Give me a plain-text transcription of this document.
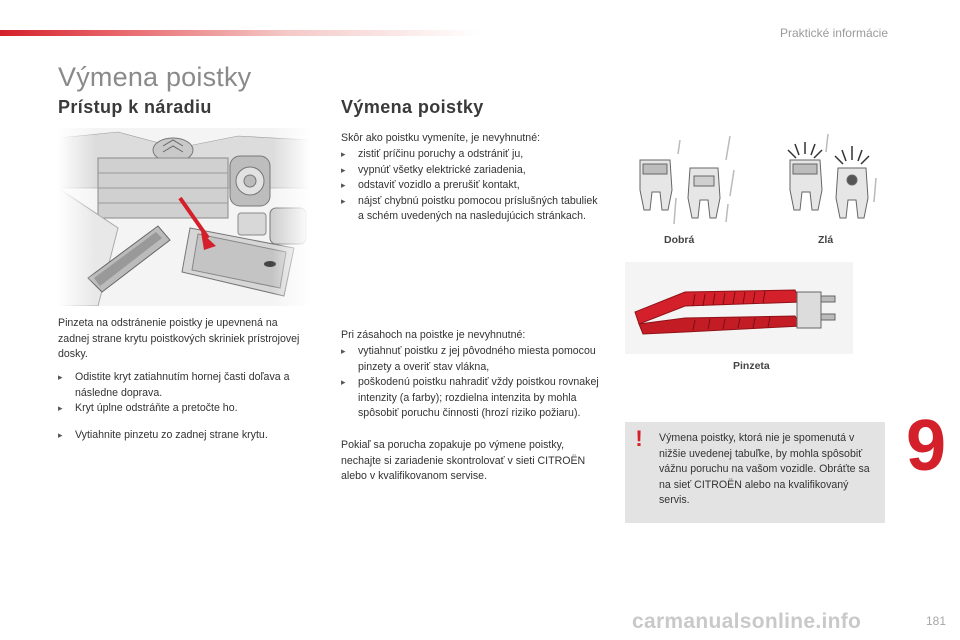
Praktické informácie
Výmena poistky
Prístup k náradiu
Pinzeta na odstránenie poistky je upevnená na zadnej strane krytu poistkových skriniek prístrojovej dosky.
▸ Odistite kryt zatiahnutím hornej časti doľava a následne doprava.
▸ Kryt úplne odstráňte a pretočte ho.
▸ Vytiahnite pinzetu zo zadnej strane krytu.
Výmena poistky
Skôr ako poistku vymeníte, je nevyhnutné:
▸ zistiť príčinu poruchy a odstrániť ju,
▸ vypnúť všetky elektrické zariadenia,
▸ odstaviť vozidlo a prerušiť kontakt,
▸ nájsť chybnú poistku pomocou príslušných tabuliek a schém uvedených na nasledujúcich stránkach.
Pri zásahoch na poistke je nevyhnutné:
▸ vytiahnuť poistku z jej pôvodného miesta pomocou pinzety a overiť stav vlákna,
▸ poškodenú poistku nahradiť vždy poistkou rovnakej intenzity (a farby); rozdielna intenzita by mohla spôsobiť poruchu činnosti (hrozí riziko požiaru).
Pokiaľ sa porucha zopakuje po výmene poistky, nechajte si zariadenie skontrolovať v sieti CITROËN alebo v kvalifikovanom servise.
Dobrá	Zlá
Pinzeta
9
!	Výmena poistky, ktorá nie je spomenutá v nižšie uvedenej tabuľke, by mohla spôsobiť vážnu poruchu na vašom vozidle. Obráťte sa na sieť CITROËN alebo na kvalifikovaný servis.
carmanualsonline.info	181
